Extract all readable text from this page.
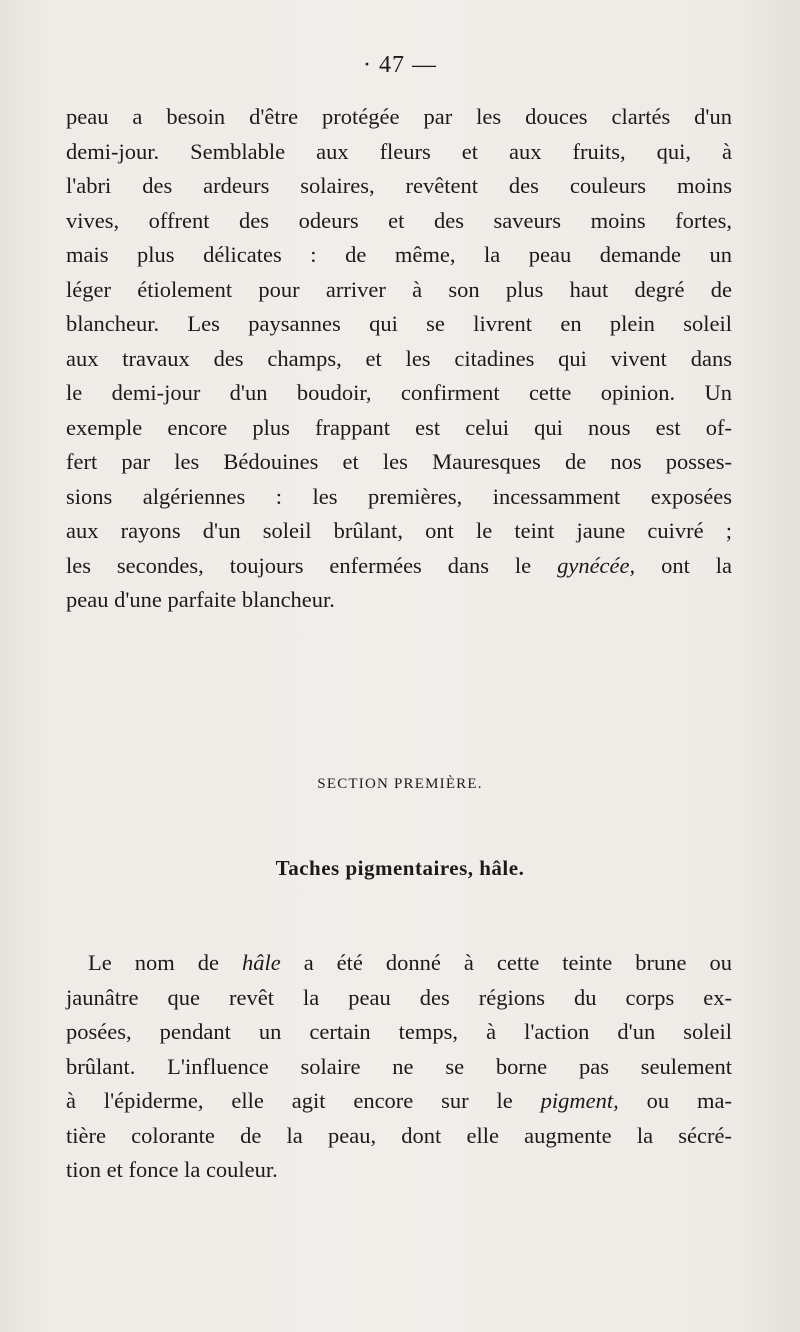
· 47 —
peau a besoin d'être protégée par les douces clartés d'un
demi-jour. Semblable aux fleurs et aux fruits, qui, à
l'abri des ardeurs solaires, revêtent des couleurs moins
vives, offrent des odeurs et des saveurs moins fortes,
mais plus délicates : de même, la peau demande un
léger étiolement pour arriver à son plus haut degré de
blancheur. Les paysannes qui se livrent en plein soleil
aux travaux des champs, et les citadines qui vivent dans
le demi-jour d'un boudoir, confirment cette opinion. Un
exemple encore plus frappant est celui qui nous est of-
fert par les Bédouines et les Mauresques de nos posses-
sions algériennes : les premières, incessamment exposées
aux rayons d'un soleil brûlant, ont le teint jaune cuivré ;
les secondes, toujours enfermées dans le gynécée, ont la
peau d'une parfaite blancheur.
SECTION PREMIÈRE.
Taches pigmentaires, hâle.
Le nom de hâle a été donné à cette teinte brune ou
jaunâtre que revêt la peau des régions du corps ex-
posées, pendant un certain temps, à l'action d'un soleil
brûlant. L'influence solaire ne se borne pas seulement
à l'épiderme, elle agit encore sur le pigment, ou ma-
tière colorante de la peau, dont elle augmente la sécré-
tion et fonce la couleur.
